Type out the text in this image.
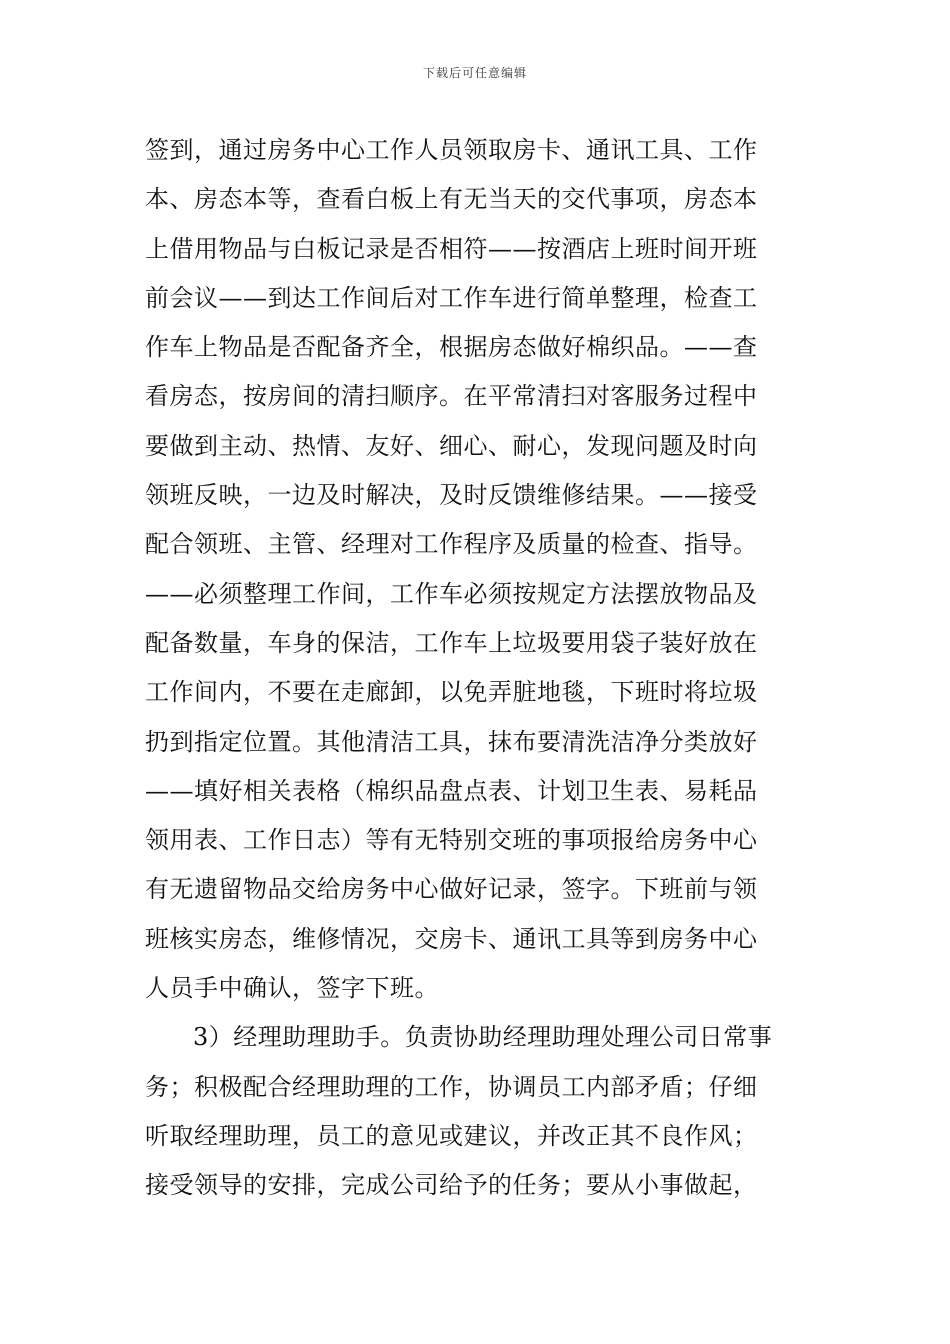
下载后可任意编辑
签到，通过房务中心工作人员领取房卡、通讯工具、工作
本、房态本等，查看白板上有无当天的交代事项，房态本
上借用物品与白板记录是否相符——按酒店上班时间开班
前会议——到达工作间后对工作车进行简单整理，检查工
作车上物品是否配备齐全，根据房态做好棉织品。——查
看房态，按房间的清扫顺序。在平常清扫对客服务过程中
要做到主动、热情、友好、细心、耐心，发现问题及时向
领班反映，一边及时解决，及时反馈维修结果。——接受
配合领班、主管、经理对工作程序及质量的检查、指导。
——必须整理工作间，工作车必须按规定方法摆放物品及
配备数量，车身的保洁，工作车上垃圾要用袋子装好放在
工作间内，不要在走廊卸，以免弄脏地毯，下班时将垃圾
扔到指定位置。其他清洁工具，抹布要清洗洁净分类放好
——填好相关表格（棉织品盘点表、计划卫生表、易耗品
领用表、工作日志）等有无特别交班的事项报给房务中心
有无遗留物品交给房务中心做好记录，签字。下班前与领
班核实房态，维修情况，交房卡、通讯工具等到房务中心
人员手中确认，签字下班。
3）经理助理助手。负责协助经理助理处理公司日常事
务；积极配合经理助理的工作，协调员工内部矛盾；仔细
听取经理助理，员工的意见或建议，并改正其不良作风；
接受领导的安排，完成公司给予的任务；要从小事做起，
